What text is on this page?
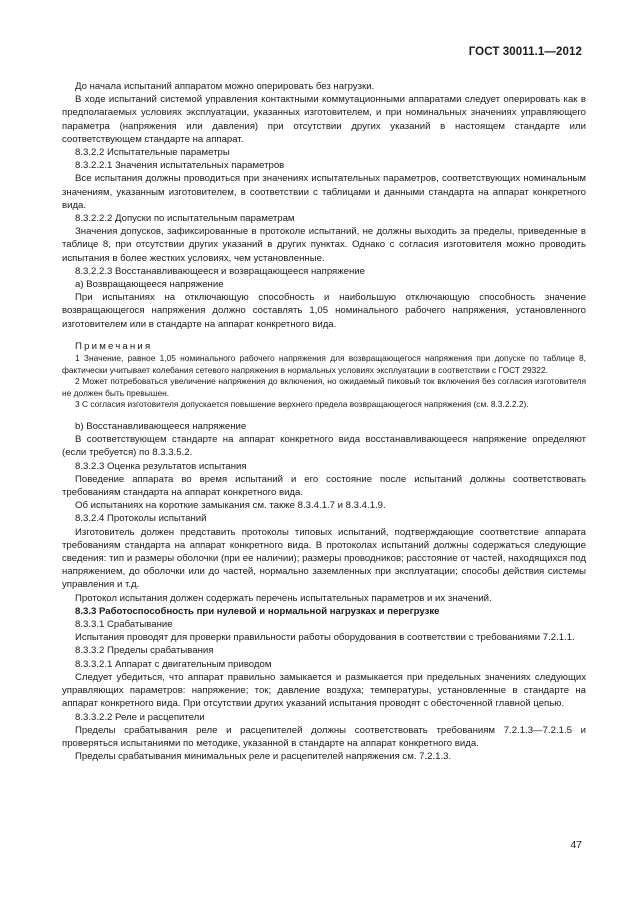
ГОСТ 30011.1—2012

До начала испытаний аппаратом можно оперировать без нагрузки.

В ходе испытаний системой управления контактными коммутационными аппаратами следует оперировать как в предполагаемых условиях эксплуатации, указанных изготовителем, и при номинальных значениях управляющего параметра (напряжения или давления) при отсутствии других указаний в настоящем стандарте или соответствующем стандарте на аппарат.

8.3.2.2 Испытательные параметры

8.3.2.2.1 Значения испытательных параметров

Все испытания должны проводиться при значениях испытательных параметров, соответствующих номинальным значениям, указанным изготовителем, в соответствии с таблицами и данными стандарта на аппарат конкретного вида.

8.3.2.2.2 Допуски по испытательным параметрам

Значения допусков, зафиксированные в протоколе испытаний, не должны выходить за пределы, приведенные в таблице 8, при отсутствии других указаний в других пунктах. Однако с согласия изготовителя можно проводить испытания в более жестких условиях, чем установленные.

8.3.2.2.3 Восстанавливающееся и возвращающееся напряжение

a) Возвращающееся напряжение

При испытаниях на отключающую способность и наибольшую отключающую способность значение возвращающегося напряжения должно составлять 1,05 номинального рабочего напряжения, установленного изготовителем или в стандарте на аппарат конкретного вида.

Примечания

1 Значение, равное 1,05 номинального рабочего напряжения для возвращающегося напряжения при допуске по таблице 8, фактически учитывает колебания сетевого напряжения в нормальных условиях эксплуатации в соответствии с ГОСТ 29322.

2 Может потребоваться увеличение напряжения до включения, но ожидаемый пиковый ток включения без согласия изготовителя не должен быть превышен.

3 С согласия изготовителя допускается повышение верхнего предела возвращающегося напряжения (см. 8.3.2.2.2).

b) Восстанавливающееся напряжение

В соответствующем стандарте на аппарат конкретного вида восстанавливающееся напряжение определяют (если требуется) по 8.3.3.5.2.

8.3.2.3 Оценка результатов испытания

Поведение аппарата во время испытаний и его состояние после испытаний должны соответствовать требованиям стандарта на аппарат конкретного вида.

Об испытаниях на короткие замыкания см. также 8.3.4.1.7 и 8.3.4.1.9.

8.3.2.4 Протоколы испытаний

Изготовитель должен представить протоколы типовых испытаний, подтверждающие соответствие аппарата требованиям стандарта на аппарат конкретного вида. В протоколах испытаний должны содержаться следующие сведения: тип и размеры оболочки (при ее наличии); размеры проводников; расстояние от частей, находящихся под напряжением, до оболочки или до частей, нормально заземленных при эксплуатации; способы действия системы управления и т.д.

Протокол испытания должен содержать перечень испытательных параметров и их значений.

8.3.3 Работоспособность при нулевой и нормальной нагрузках и перегрузке

8.3.3.1 Срабатывание

Испытания проводят для проверки правильности работы оборудования в соответствии с требованиями 7.2.1.1.

8.3.3.2 Пределы срабатывания

8.3.3.2.1 Аппарат с двигательным приводом

Следует убедиться, что аппарат правильно замыкается и размыкается при предельных значениях следующих управляющих параметров: напряжение; ток; давление воздуха; температуры, установленные в стандарте на аппарат конкретного вида. При отсутствии других указаний испытания проводят с обесточенной главной цепью.

8.3.3.2.2 Реле и расцепители

Пределы срабатывания реле и расцепителей должны соответствовать требованиям 7.2.1.3—7.2.1.5 и проверяться испытаниями по методике, указанной в стандарте на аппарат конкретного вида.

Пределы срабатывания минимальных реле и расцепителей напряжения см. 7.2.1.3.

47
